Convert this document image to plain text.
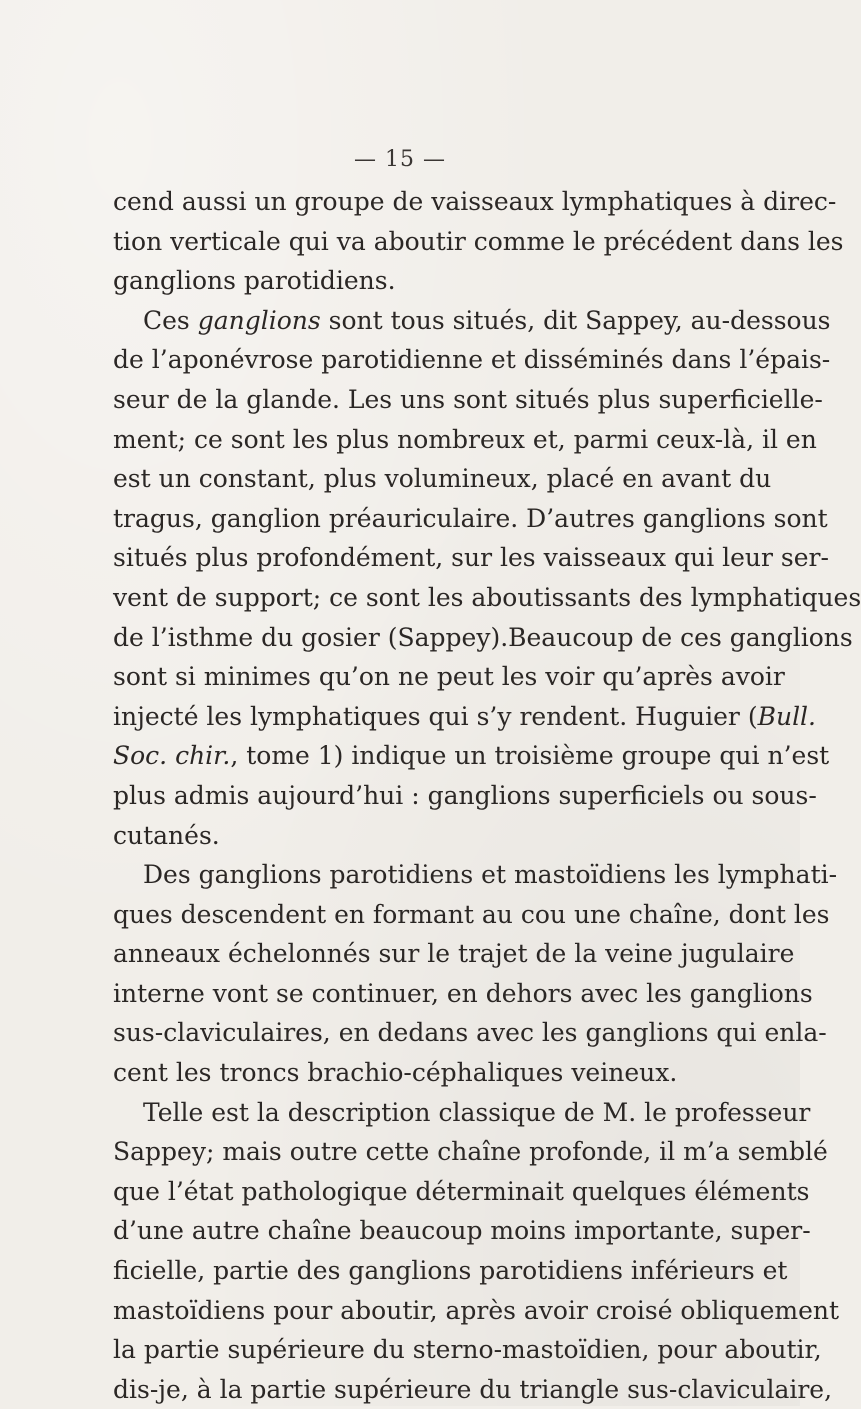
— 15 —
cend aussi un groupe de vaisseaux lymphatiques à direc-
tion verticale qui va aboutir comme le précédent dans les
ganglions parotidiens.
Ces ganglions sont tous situés, dit Sappey, au-dessous
de l’aponévrose parotidienne et disséminés dans l’épais-
seur de la glande. Les uns sont situés plus superficielle-
ment; ce sont les plus nombreux et, parmi ceux-là, il en
est un constant, plus volumineux, placé en avant du
tragus, ganglion préauriculaire. D’autres ganglions sont
situés plus profondément, sur les vaisseaux qui leur ser-
vent de support; ce sont les aboutissants des lymphatiques
de l’isthme du gosier (Sappey).Beaucoup de ces ganglions
sont si minimes qu’on ne peut les voir qu’après avoir
injecté les lymphatiques qui s’y rendent. Huguier (Bull.
Soc. chir., tome 1) indique un troisième groupe qui n’est
plus admis aujourd’hui : ganglions superficiels ou sous-
cutanés.
Des ganglions parotidiens et mastoïdiens les lymphati-
ques descendent en formant au cou une chaîne, dont les
anneaux échelonnés sur le trajet de la veine jugulaire
interne vont se continuer, en dehors avec les ganglions
sus-claviculaires, en dedans avec les ganglions qui enla-
cent les troncs brachio-céphaliques veineux.
Telle est la description classique de M. le professeur
Sappey; mais outre cette chaîne profonde, il m’a semblé
que l’état pathologique déterminait quelques éléments
d’une autre chaîne beaucoup moins importante, super-
ficielle, partie des ganglions parotidiens inférieurs et
mastoïdiens pour aboutir, après avoir croisé obliquement
la partie supérieure du sterno-mastoïdien, pour aboutir,
dis-je, à la partie supérieure du triangle sus-claviculaire,
